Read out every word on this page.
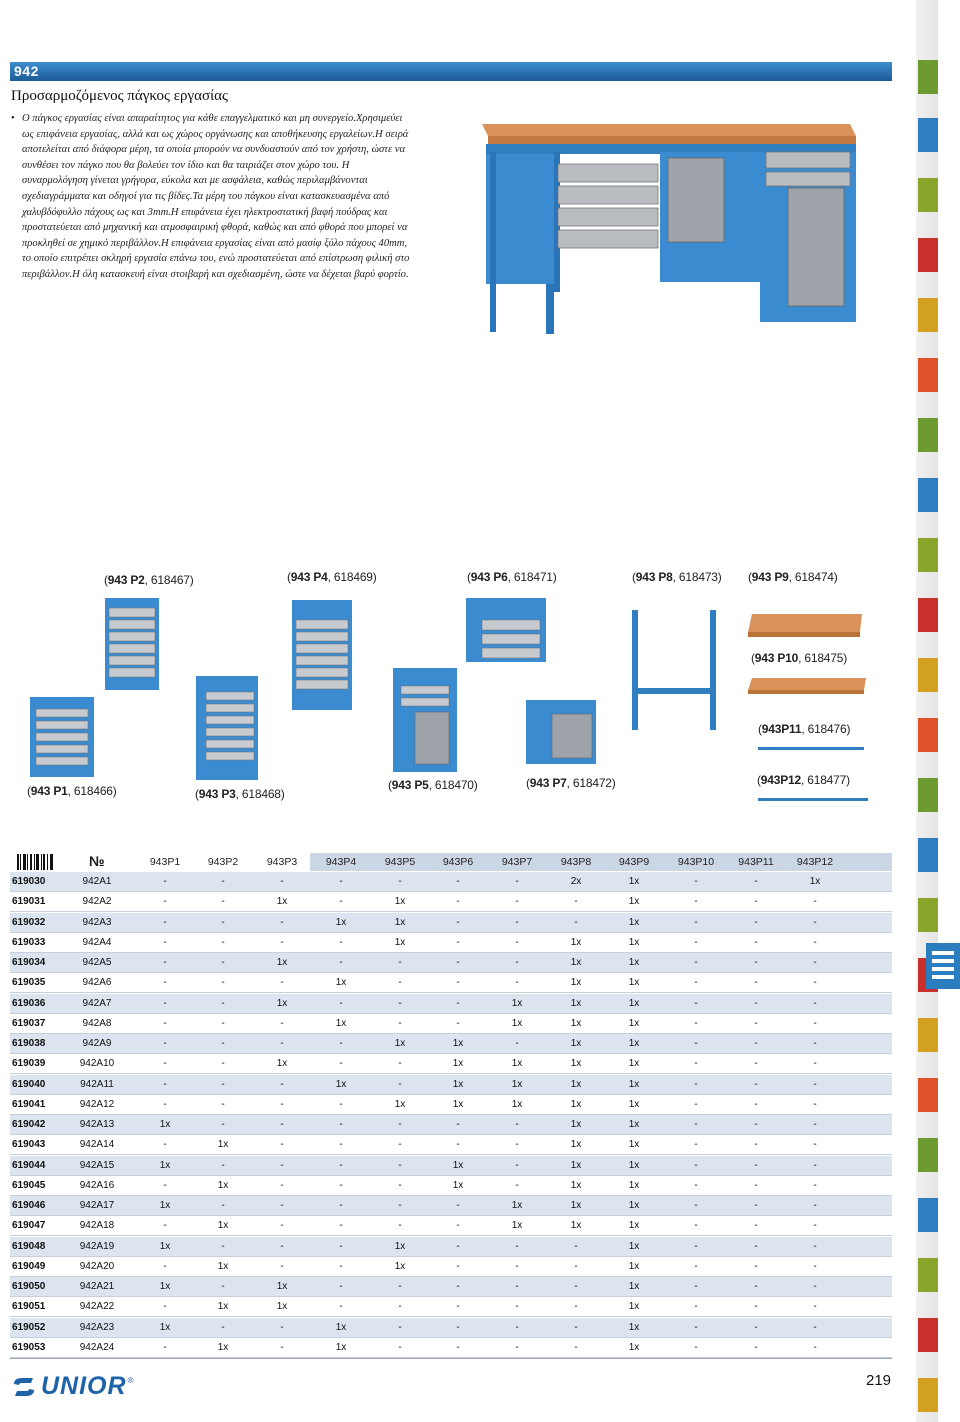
942
Προσαρμοζόμενος πάγκος εργασίας
• Ο πάγκος εργασίας είναι απαραίτητος για κάθε επαγγελματικό και μη συνεργείο.Χρησιμεύει ως επιφάνεια εργασίας, αλλά και ως χώρος οργάνωσης και αποθήκευσης εργαλείων.Η σειρά αποτελείται από διάφορα μέρη, τα οποία μπορούν να συνδυαστούν από τον χρήστη, ώστε να συνθέσει τον πάγκο που θα βολεύει τον ίδιο και θα ταιριάζει στον χώρο του. Η συναρμολόγηση γίνεται γρήγορα, εύκολα και με ασφάλεια, καθώς περιλαμβάνονται σχεδιαγράμματα και οδηγοί για τις βίδες.Τα μέρη του πάγκου είναι κατασκευασμένα από χαλυβδόφυλλο πάχους ως και 3mm.Η επιφάνεια έχει ηλεκτροστατική βαφή πούδρας και προστατεύεται από μηχανική και ατμοσφαιρική φθορά, καθώς και από φθορά που μπορεί να προκληθεί σε χημικό περιβάλλον.Η επιφάνεια εργασίας είναι από μασίφ ξύλο πάχους 40mm, το οποίο επιτρέπει σκληρή εργασία επάνω του, ενώ προστατεύεται από επίστρωση φιλική στο περιβάλλον.Η όλη κατασκευή είναι στοιβαρή και σχεδιασμένη, ώστε να δέχεται βαρύ φορτίο.
(943 P2, 618467)	(943 P4, 618469)	(943 P6, 618471)	(943 P8, 618473) (943 P9, 618474)
(943 P10, 618475)
(943P11, 618476)
(943 P1, 618466)	(943 P3, 618468)
(943 P5, 618470)	(943 P7, 618472)	(943P12, 618477)
№	943P1	943P2	943P3	943P4	943P5	943P6	943P7	943P8	943P9	943P10	943P11	943P12
619030	942A1	-	-	-	-	-	-	-	2x	1x	-	-	1x
619031	942A2	-	-	1x	-	1x	-	-	-	1x	-	-	-
619032	942A3	-	-	-	1x	1x	-	-	-	1x	-	-	-
619033	942A4	-	-	-	-	1x	-	-	1x	1x	-	-	-
619034	942A5	-	-	1x	-	-	-	-	1x	1x	-	-	-
619035	942A6	-	-	-	1x	-	-	-	1x	1x	-	-	-
619036	942A7	-	-	1x	-	-	-	1x	1x	1x	-	-	-
619037	942A8	-	-	-	1x	-	-	1x	1x	1x	-	-	-
619038	942A9	-	-	-	-	1x	1x	-	1x	1x	-	-	-
619039	942A10	-	-	1x	-	-	1x	1x	1x	1x	-	-	-
619040	942A11	-	-	-	1x	-	1x	1x	1x	1x	-	-	-
619041	942A12	-	-	-	-	1x	1x	1x	1x	1x	-	-	-
619042	942A13	1x	-	-	-	-	-	-	1x	1x	-	-	-
619043	942A14	-	1x	-	-	-	-	-	1x	1x	-	-	-
619044	942A15	1x	-	-	-	-	1x	-	1x	1x	-	-	-
619045	942A16	-	1x	-	-	-	1x	-	1x	1x	-	-	-
619046	942A17	1x	-	-	-	-	-	1x	1x	1x	-	-	-
619047	942A18	-	1x	-	-	-	-	1x	1x	1x	-	-	-
619048	942A19	1x	-	-	-	1x	-	-	-	1x	-	-	-
619049	942A20	-	1x	-	-	1x	-	-	-	1x	-	-	-
619050	942A21	1x	-	1x	-	-	-	-	-	1x	-	-	-
619051	942A22	-	1x	1x	-	-	-	-	-	1x	-	-	-
619052	942A23	1x	-	-	1x	-	-	-	-	1x	-	-	-
619053	942A24	-	1x	-	1x	-	-	-	-	1x	-	-	-
UNIOR ®	219
